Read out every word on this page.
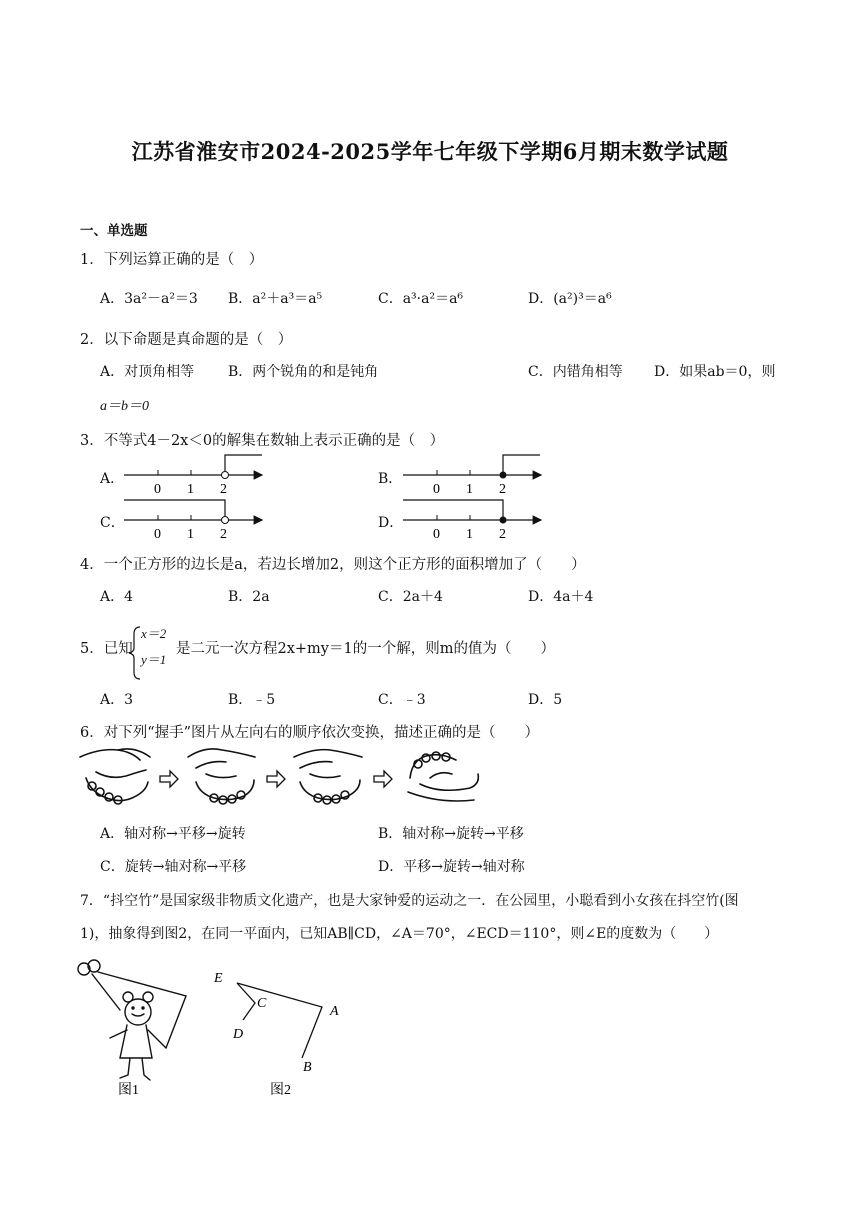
江苏省淮安市2024-2025学年七年级下学期6月期末数学试题
一、单选题
1．下列运算正确的是（　）
A．3a²－a²＝3 B．a²＋a³＝a⁵	C．a³·a²＝a⁶	D．(a²)³＝a⁶
2．以下命题是真命题的是（　）
A．对顶角相等 B．两个锐角的和是钝角	C．内错角相等 D．如果ab＝0，则
a＝b＝0
3．不等式4－2x＜0的解集在数轴上表示正确的是（　）
A．	B．
C．	D．
0 1 2	0 1 2
0 1 2	0 1 2
图1
E
C
A
D
B
图2
4．一个正方形的边长是a，若边长增加2，则这个正方形的面积增加了（　　）
A．4	B．2a	C．2a＋4	D．4a＋4
5．已知
x＝2
y＝1
是二元一次方程2x+my＝1的一个解，则m的值为（　　）
A．3	B．﹣5	C．﹣3	D．5
6．对下列“握手”图片从左向右的顺序依次变换，描述正确的是（　　）
A．轴对称→平移→旋转	B．轴对称→旋转→平移
C．旋转→轴对称→平移	D．平移→旋转→轴对称
7．“抖空竹”是国家级非物质文化遗产，也是大家钟爱的运动之一．在公园里，小聪看到小女孩在抖空竹(图
1)，抽象得到图2，在同一平面内，已知AB∥CD，∠A＝70°，∠ECD＝110°，则∠E的度数为（　　）
